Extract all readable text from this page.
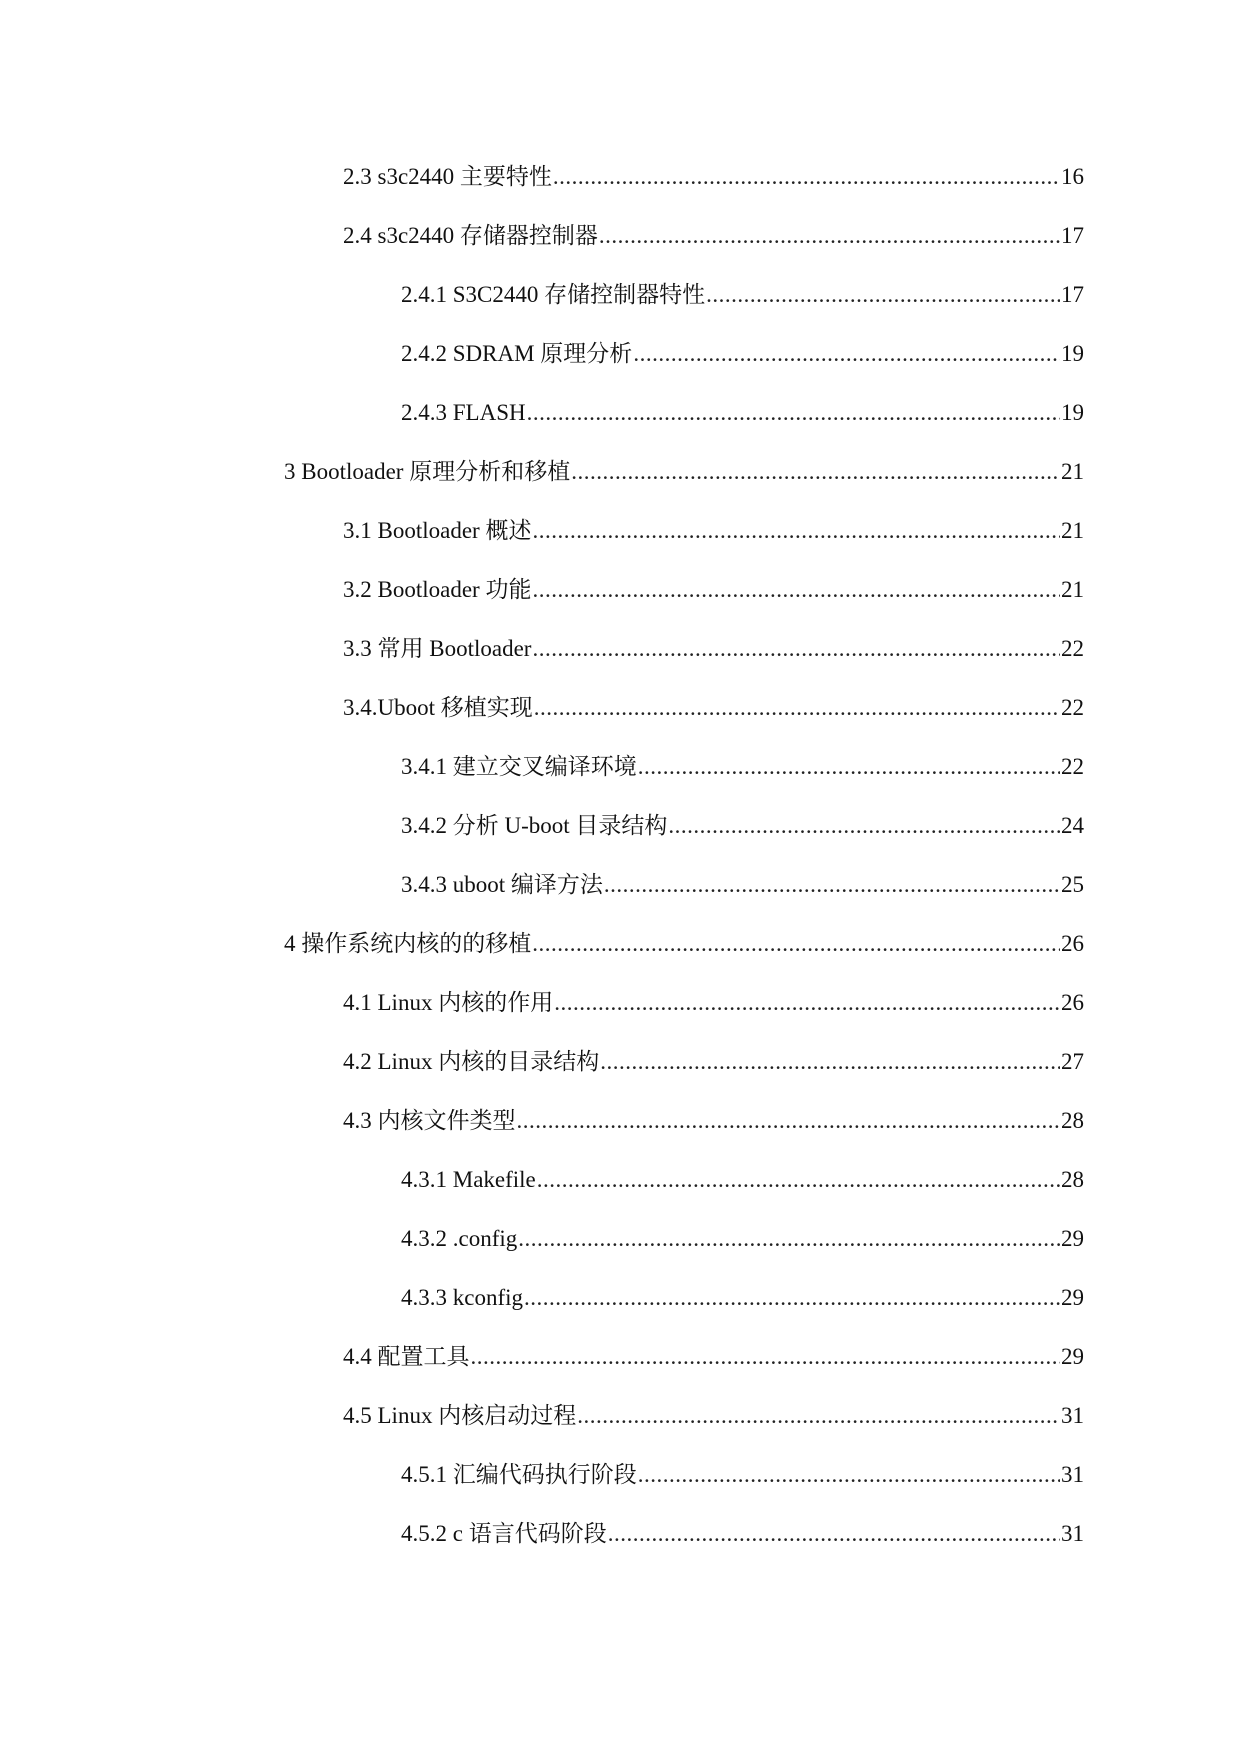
2.3 s3c2440 主要特性 .....	16
2.4 s3c2440 存储器控制器 .....	17
2.4.1 S3C2440 存储控制器特性 .....	17
2.4.2 SDRAM 原理分析 .....	19
2.4.3 FLASH .....	19
3 Bootloader 原理分析和移植 .....	21
3.1 Bootloader 概述 .....	21
3.2 Bootloader 功能 .....	21
3.3 常用 Bootloader .....	22
3.4.Uboot 移植实现 .....	22
3.4.1 建立交叉编译环境 .....	22
3.4.2 分析 U-boot 目录结构 .....	24
3.4.3 uboot 编译方法 .....	25
4 操作系统内核的的移植 .....	26
4.1 Linux 内核的作用 .....	26
4.2 Linux 内核的目录结构 .....	27
4.3 内核文件类型 .....	28
4.3.1 Makefile .....	28
4.3.2 .config .....	29
4.3.3 kconfig .....	29
4.4 配置工具 .....	29
4.5 Linux 内核启动过程 .....	31
4.5.1 汇编代码执行阶段 .....	31
4.5.2 c 语言代码阶段 .....	31
